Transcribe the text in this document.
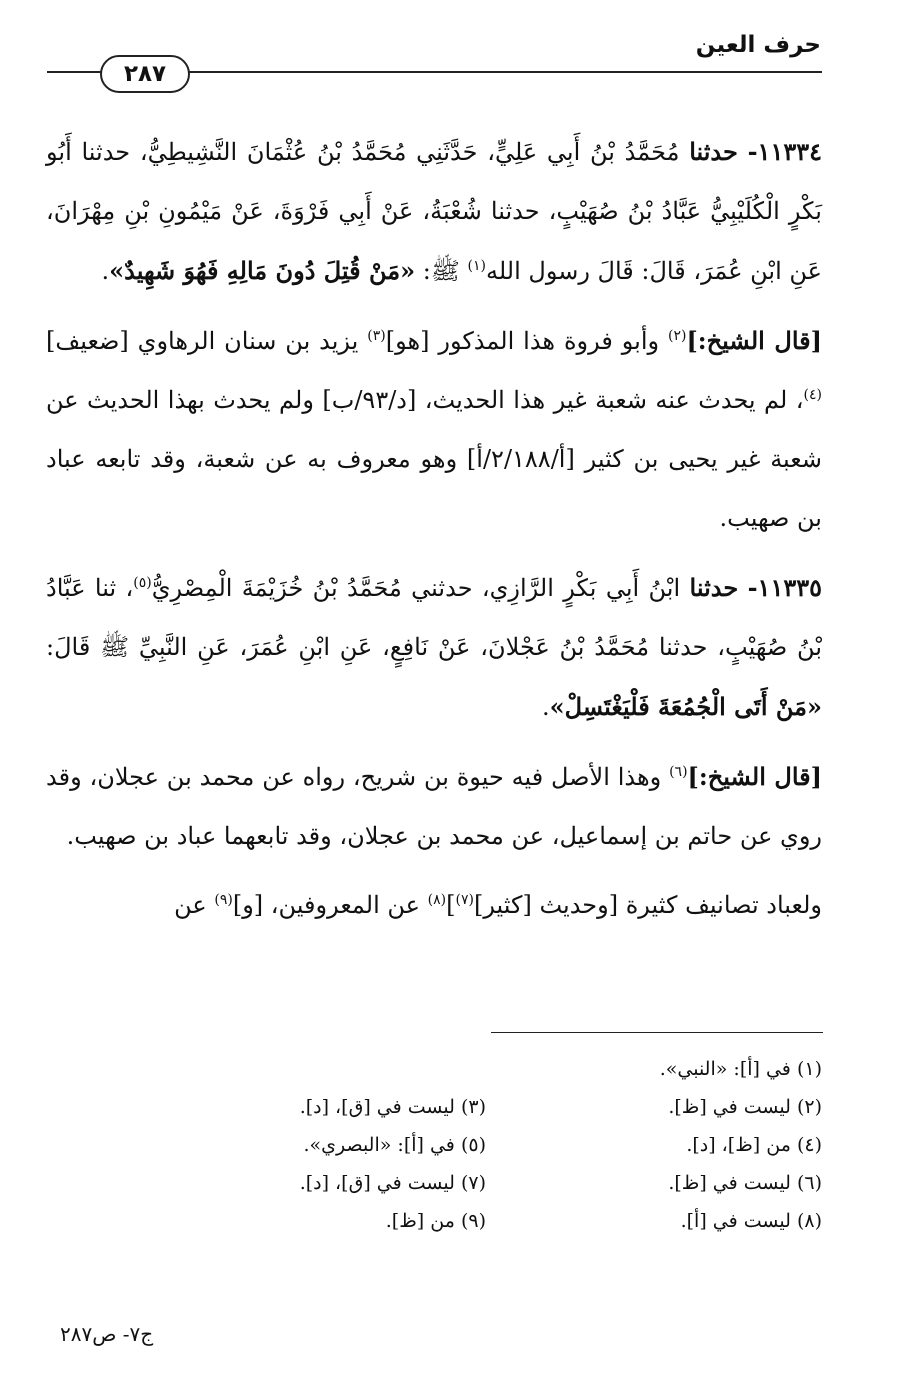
حرف العين
٢٨٧

١١٣٣٤- حدثنا مُحَمَّدُ بْنُ أَبِي عَلِيٍّ، حَدَّثَنِي مُحَمَّدُ بْنُ عُثْمَانَ النَّشِيطِيُّ، حدثنا أَبُو بَكْرٍ الْكُلَيْبِيُّ عَبَّادُ بْنُ صُهَيْبٍ، حدثنا شُعْبَةُ، عَنْ أَبِي فَرْوَةَ، عَنْ مَيْمُونِ بْنِ مِهْرَانَ، عَنِ ابْنِ عُمَرَ، قَالَ: قَالَ رسول الله$^{(١)}$ ﷺ: «مَنْ قُتِلَ دُونَ مَالِهِ فَهُوَ شَهِيدٌ».

[قال الشيخ:]$^{(٢)}$ وأبو فروة هذا المذكور [هو]$^{(٣)}$ يزيد بن سنان الرهاوي [ضعيف]$^{(٤)}$، لم يحدث عنه شعبة غير هذا الحديث، [د/٩٣/ب] ولم يحدث بهذا الحديث عن شعبة غير يحيى بن كثير [أ/٢/١٨٨/أ] وهو معروف به عن شعبة، وقد تابعه عباد بن صهيب.

١١٣٣٥- حدثنا ابْنُ أَبِي بَكْرٍ الرَّازِي، حدثني مُحَمَّدُ بْنُ خُزَيْمَةَ الْمِصْرِيُّ$^{(٥)}$، ثنا عَبَّادُ بْنُ صُهَيْبٍ، حدثنا مُحَمَّدُ بْنُ عَجْلانَ، عَنْ نَافِعٍ، عَنِ ابْنِ عُمَرَ، عَنِ النَّبِيِّ ﷺ قَالَ: «مَنْ أَتَى الْجُمُعَةَ فَلْيَغْتَسِلْ».

[قال الشيخ:]$^{(٦)}$ وهذا الأصل فيه حيوة بن شريح، رواه عن محمد بن عجلان، وقد روي عن حاتم بن إسماعيل، عن محمد بن عجلان، وقد تابعهما عباد بن صهيب.

ولعباد تصانيف كثيرة [وحديث [كثير]$^{(٧)}$]$^{(٨)}$ عن المعروفين، [و]$^{(٩)}$ عن

(١) في [أ]: «النبي».
(٢) ليست في [ظ].
(٣) ليست في [ق]، [د].
(٤) من [ظ]، [د].
(٥) في [أ]: «البصري».
(٦) ليست في [ظ].
(٧) ليست في [ق]، [د].
(٨) ليست في [أ].
(٩) من [ظ].
ج٧- ص٢٨٧
